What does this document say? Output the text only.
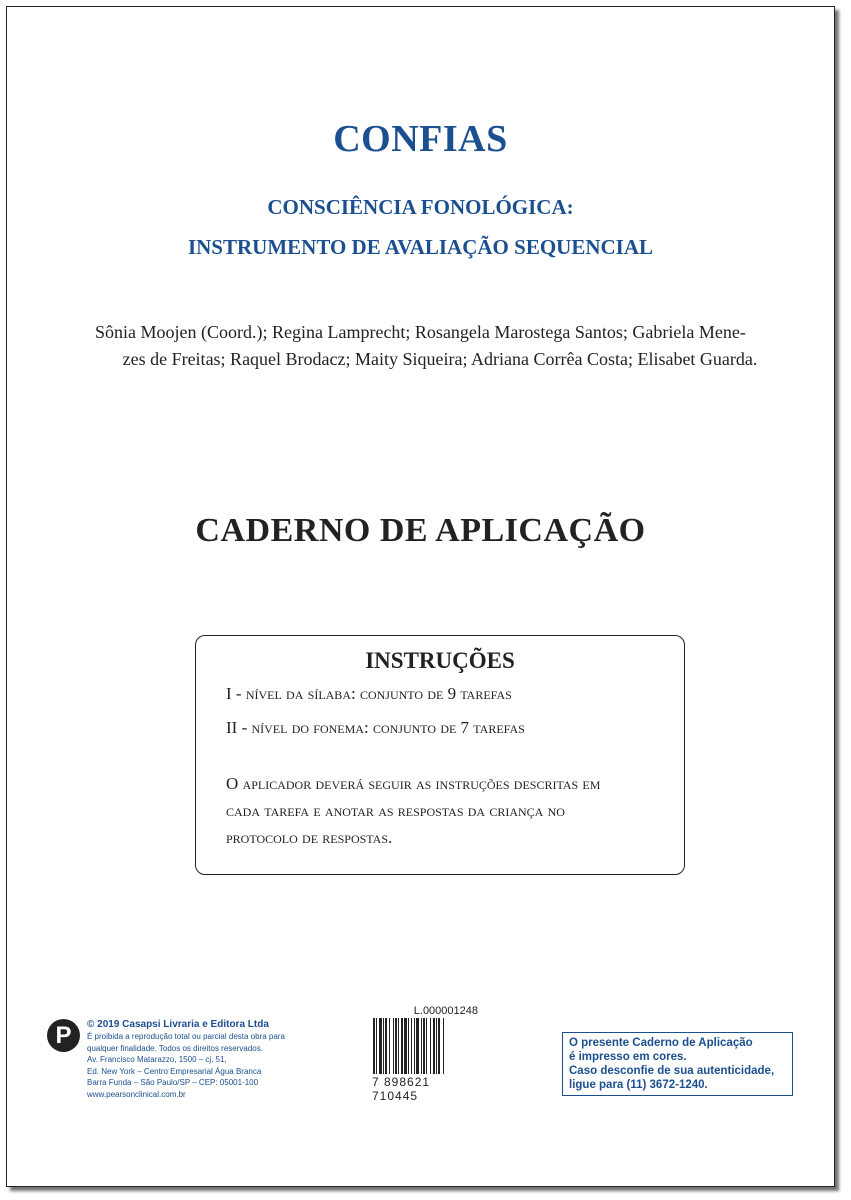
CONFIAS
CONSCIÊNCIA FONOLÓGICA:
INSTRUMENTO DE AVALIAÇÃO SEQUENCIAL

Sônia Moojen (Coord.); Regina Lamprecht; Rosangela Marostega Santos; Gabriela Mene-

zes de Freitas; Raquel Brodacz; Maity Siqueira; Adriana Corrêa Costa; Elisabet Guarda.

CADERNO DE APLICAÇÃO
INSTRUÇÕES
I - nível da sílaba: conjunto de 9 tarefas
II - nível do fonema: conjunto de 7 tarefas

O aplicador deverá seguir as instruções descritas em

cada tarefa e anotar as respostas da criança no

protocolo de respostas.

P	© 2019 Casapsi Livraria e Editora Ltda

É proibida a reprodução total ou parcial desta obra para

qualquer finalidade. Todos os direitos reservados.

Av. Francisco Matarazzo, 1500 – cj. 51,

Ed. New York – Centro Empresarial Água Branca

Barra Funda – São Paulo/SP – CEP: 05001-100

www.pearsonclinical.com.br

L.000001248
7 898621 710445

O presente Caderno de Aplicação

é impresso em cores.

Caso desconfie de sua autenticidade,

ligue para (11) 3672-1240.
